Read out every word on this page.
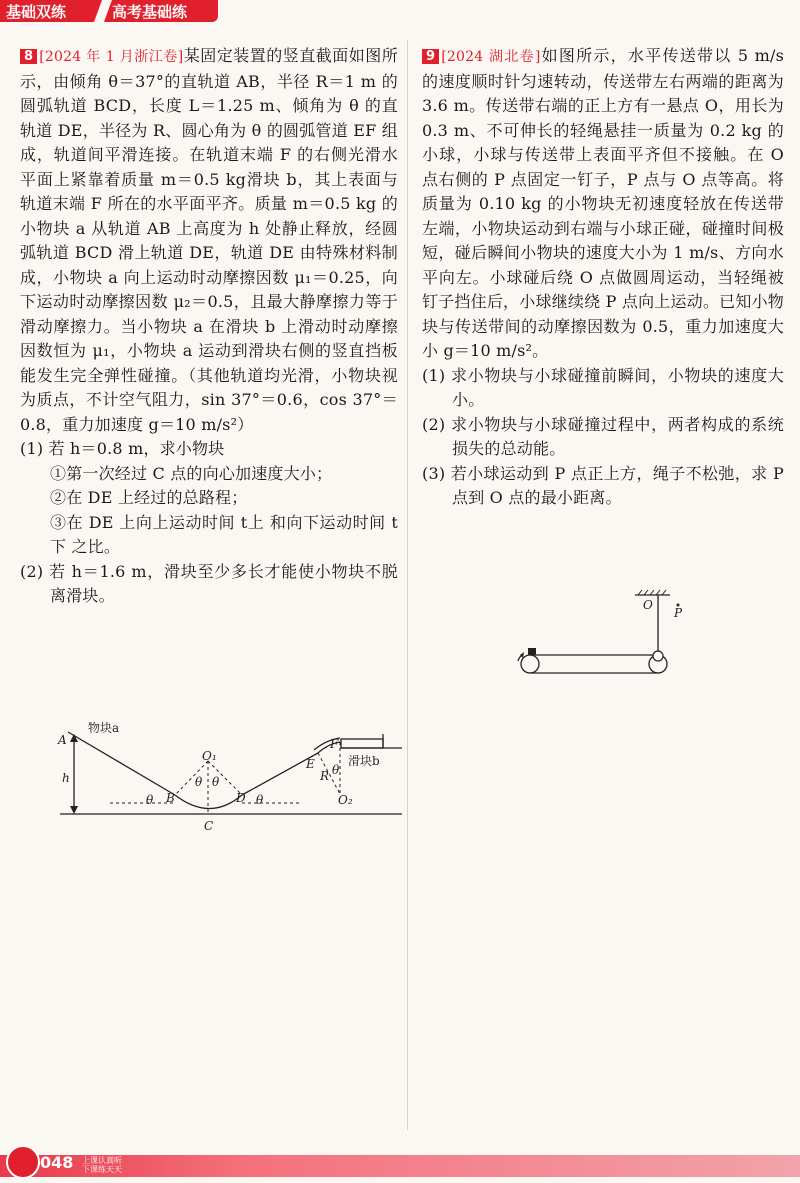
基础双练	高考基础练

8 [2024 年 1 月浙江卷]某固定装置的竖直截面如图所示，由倾角 θ＝37°的直轨道 AB，半径 R＝1 m 的圆弧轨道 BCD，长度 L＝1.25 m、倾角为 θ 的直轨道 DE，半径为 R、圆心角为 θ 的圆弧管道 EF 组成，轨道间平滑连接。在轨道末端 F 的右侧光滑水平面上紧靠着质量 m＝0.5 kg滑块 b，其上表面与轨道末端 F 所在的水平面平齐。质量 m＝0.5 kg 的小物块 a 从轨道 AB 上高度为 h 处静止释放，经圆弧轨道 BCD 滑上轨道 DE，轨道 DE 由特殊材料制成，小物块 a 向上运动时动摩擦因数 μ₁＝0.25，向下运动时动摩擦因数 μ₂＝0.5，且最大静摩擦力等于滑动摩擦力。当小物块 a 在滑块 b 上滑动时动摩擦因数恒为 μ₁，小物块 a 运动到滑块右侧的竖直挡板能发生完全弹性碰撞。（其他轨道均光滑，小物块视为质点，不计空气阻力，sin 37°＝0.6，cos 37°＝0.8，重力加速度 g＝10 m/s²）

(1) 若 h＝0.8 m，求小物块

①第一次经过 C 点的向心加速度大小；

②在 DE 上经过的总路程；

③在 DE 上向上运动时间 t上 和向下运动时间 t下 之比。

(2) 若 h＝1.6 m，滑块至少多长才能使小物块不脱离滑块。

A
物块a
h
θ B
O₁
θ θ
C
D θ
E
F
R θ
O₂
滑块b

9 [2024 湖北卷]如图所示，水平传送带以 5 m/s 的速度顺时针匀速转动，传送带左右两端的距离为3.6 m。传送带右端的正上方有一悬点 O，用长为 0.3 m、不可伸长的轻绳悬挂一质量为 0.2 kg 的小球，小球与传送带上表面平齐但不接触。在 O 点右侧的 P 点固定一钉子，P 点与 O 点等高。将质量为 0.10 kg 的小物块无初速度轻放在传送带左端，小物块运动到右端与小球正碰，碰撞时间极短，碰后瞬间小物块的速度大小为 1 m/s、方向水平向左。小球碰后绕 O 点做圆周运动，当轻绳被钉子挡住后，小球继续绕 P 点向上运动。已知小物块与传送带间的动摩擦因数为 0.5，重力加速度大小 g＝10 m/s²。

(1) 求小物块与小球碰撞前瞬间，小物块的速度大小。

(2) 求小物块与小球碰撞过程中，两者构成的系统损失的总动能。

(3) 若小球运动到 P 点正上方，绳子不松弛，求 P 点到 O 点的最小距离。

O
P
048 上课认真听
下课练天天
